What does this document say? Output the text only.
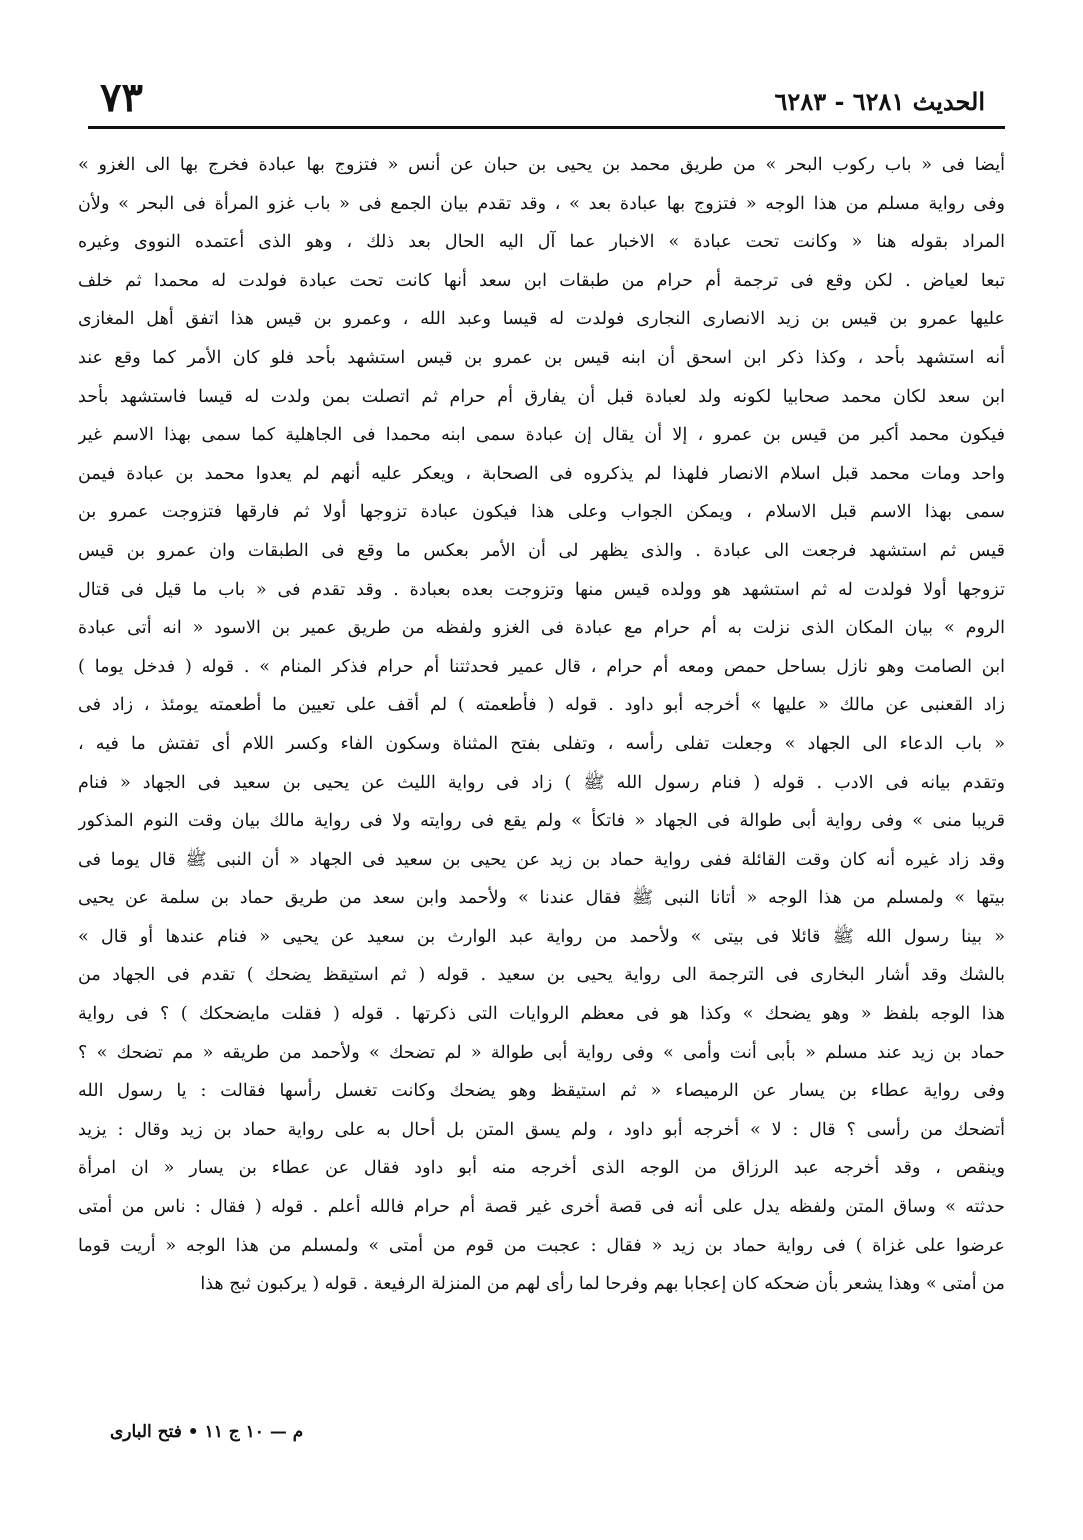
٧٣	الحديث ٦٢٨١ - ٦٢٨٣
أيضا فى « باب ركوب البحر » من طريق محمد بن يحيى بن حبان عن أنس « فتزوج بها عبادة فخرج بها الى الغزو »
وفى رواية مسلم من هذا الوجه « فتزوج بها عبادة بعد » ، وقد تقدم بيان الجمع فى « باب غزو المرأة فى البحر » ولأن
المراد بقوله هنا « وكانت تحت عبادة » الاخبار عما آل اليه الحال بعد ذلك ، وهو الذى أعتمده النووى وغيره
تبعا لعياض . لكن وقع فى ترجمة أم حرام من طبقات ابن سعد أنها كانت تحت عبادة فولدت له محمدا ثم خلف
عليها عمرو بن قيس بن زيد الانصارى النجارى فولدت له قيسا وعبد الله ، وعمرو بن قيس هذا اتفق أهل المغازى
أنه استشهد بأحد ، وكذا ذكر ابن اسحق أن ابنه قيس بن عمرو بن قيس استشهد بأحد فلو كان الأمر كما وقع عند
ابن سعد لكان محمد صحابيا لكونه ولد لعبادة قبل أن يفارق أم حرام ثم اتصلت بمن ولدت له قيسا فاستشهد بأحد
فيكون محمد أكبر من قيس بن عمرو ، إلا أن يقال إن عبادة سمى ابنه محمدا فى الجاهلية كما سمى بهذا الاسم غير
واحد ومات محمد قبل اسلام الانصار فلهذا لم يذكروه فى الصحابة ، ويعكر عليه أنهم لم يعدوا محمد بن عبادة فيمن
سمى بهذا الاسم قبل الاسلام ، ويمكن الجواب وعلى هذا فيكون عبادة تزوجها أولا ثم فارقها فتزوجت عمرو بن
قيس ثم استشهد فرجعت الى عبادة . والذى يظهر لى أن الأمر بعكس ما وقع فى الطبقات وان عمرو بن قيس
تزوجها أولا فولدت له ثم استشهد هو وولده قيس منها وتزوجت بعده بعبادة . وقد تقدم فى « باب ما قيل فى قتال
الروم » بيان المكان الذى نزلت به أم حرام مع عبادة فى الغزو ولفظه من طريق عمير بن الاسود « انه أتى عبادة
ابن الصامت وهو نازل بساحل حمص ومعه أم حرام ، قال عمير فحدثتنا أم حرام فذكر المنام » . قوله ( فدخل يوما )
زاد القعنبى عن مالك « عليها » أخرجه أبو داود . قوله ( فأطعمته ) لم أقف على تعيين ما أطعمته يومئذ ، زاد فى
« باب الدعاء الى الجهاد » وجعلت تفلى رأسه ، وتفلى بفتح المثناة وسكون الفاء وكسر اللام أى تفتش ما فيه ،
وتقدم بيانه فى الادب . قوله ( فنام رسول الله ﷺ ) زاد فى رواية الليث عن يحيى بن سعيد فى الجهاد « فنام
قريبا منى » وفى رواية أبى طوالة فى الجهاد « فاتكأ » ولم يقع فى روايته ولا فى رواية مالك بيان وقت النوم المذكور
وقد زاد غيره أنه كان وقت القائلة ففى رواية حماد بن زيد عن يحيى بن سعيد فى الجهاد « أن النبى ﷺ قال يوما فى
بيتها » ولمسلم من هذا الوجه « أتانا النبى ﷺ فقال عندنا » ولأحمد وابن سعد من طريق حماد بن سلمة عن يحيى
« بينا رسول الله ﷺ قائلا فى بيتى » ولأحمد من رواية عبد الوارث بن سعيد عن يحيى « فنام عندها أو قال »
بالشك وقد أشار البخارى فى الترجمة الى رواية يحيى بن سعيد . قوله ( ثم استيقظ يضحك ) تقدم فى الجهاد من
هذا الوجه بلفظ « وهو يضحك » وكذا هو فى معظم الروايات التى ذكرتها . قوله ( فقلت مايضحكك ) ؟ فى رواية
حماد بن زيد عند مسلم « بأبى أنت وأمى » وفى رواية أبى طوالة « لم تضحك » ولأحمد من طريقه « مم تضحك » ؟
وفى رواية عطاء بن يسار عن الرميصاء « ثم استيقظ وهو يضحك وكانت تغسل رأسها فقالت : يا رسول الله
أتضحك من رأسى ؟ قال : لا » أخرجه أبو داود ، ولم يسق المتن بل أحال به على رواية حماد بن زيد وقال : يزيد
وينقص ، وقد أخرجه عبد الرزاق من الوجه الذى أخرجه منه أبو داود فقال عن عطاء بن يسار « ان امرأة
حدثته » وساق المتن ولفظه يدل على أنه فى قصة أخرى غير قصة أم حرام فالله أعلم . قوله ( فقال : ناس من أمتى
عرضوا على غزاة ) فى رواية حماد بن زيد « فقال : عجبت من قوم من أمتى » ولمسلم من هذا الوجه « أريت قوما
من أمتى » وهذا يشعر بأن ضحكه كان إعجابا بهم وفرحا لما رأى لهم من المنزلة الرفيعة . قوله ( يركبون ثبج هذا
م — ١٠ ج ١١ • فتح البارى
